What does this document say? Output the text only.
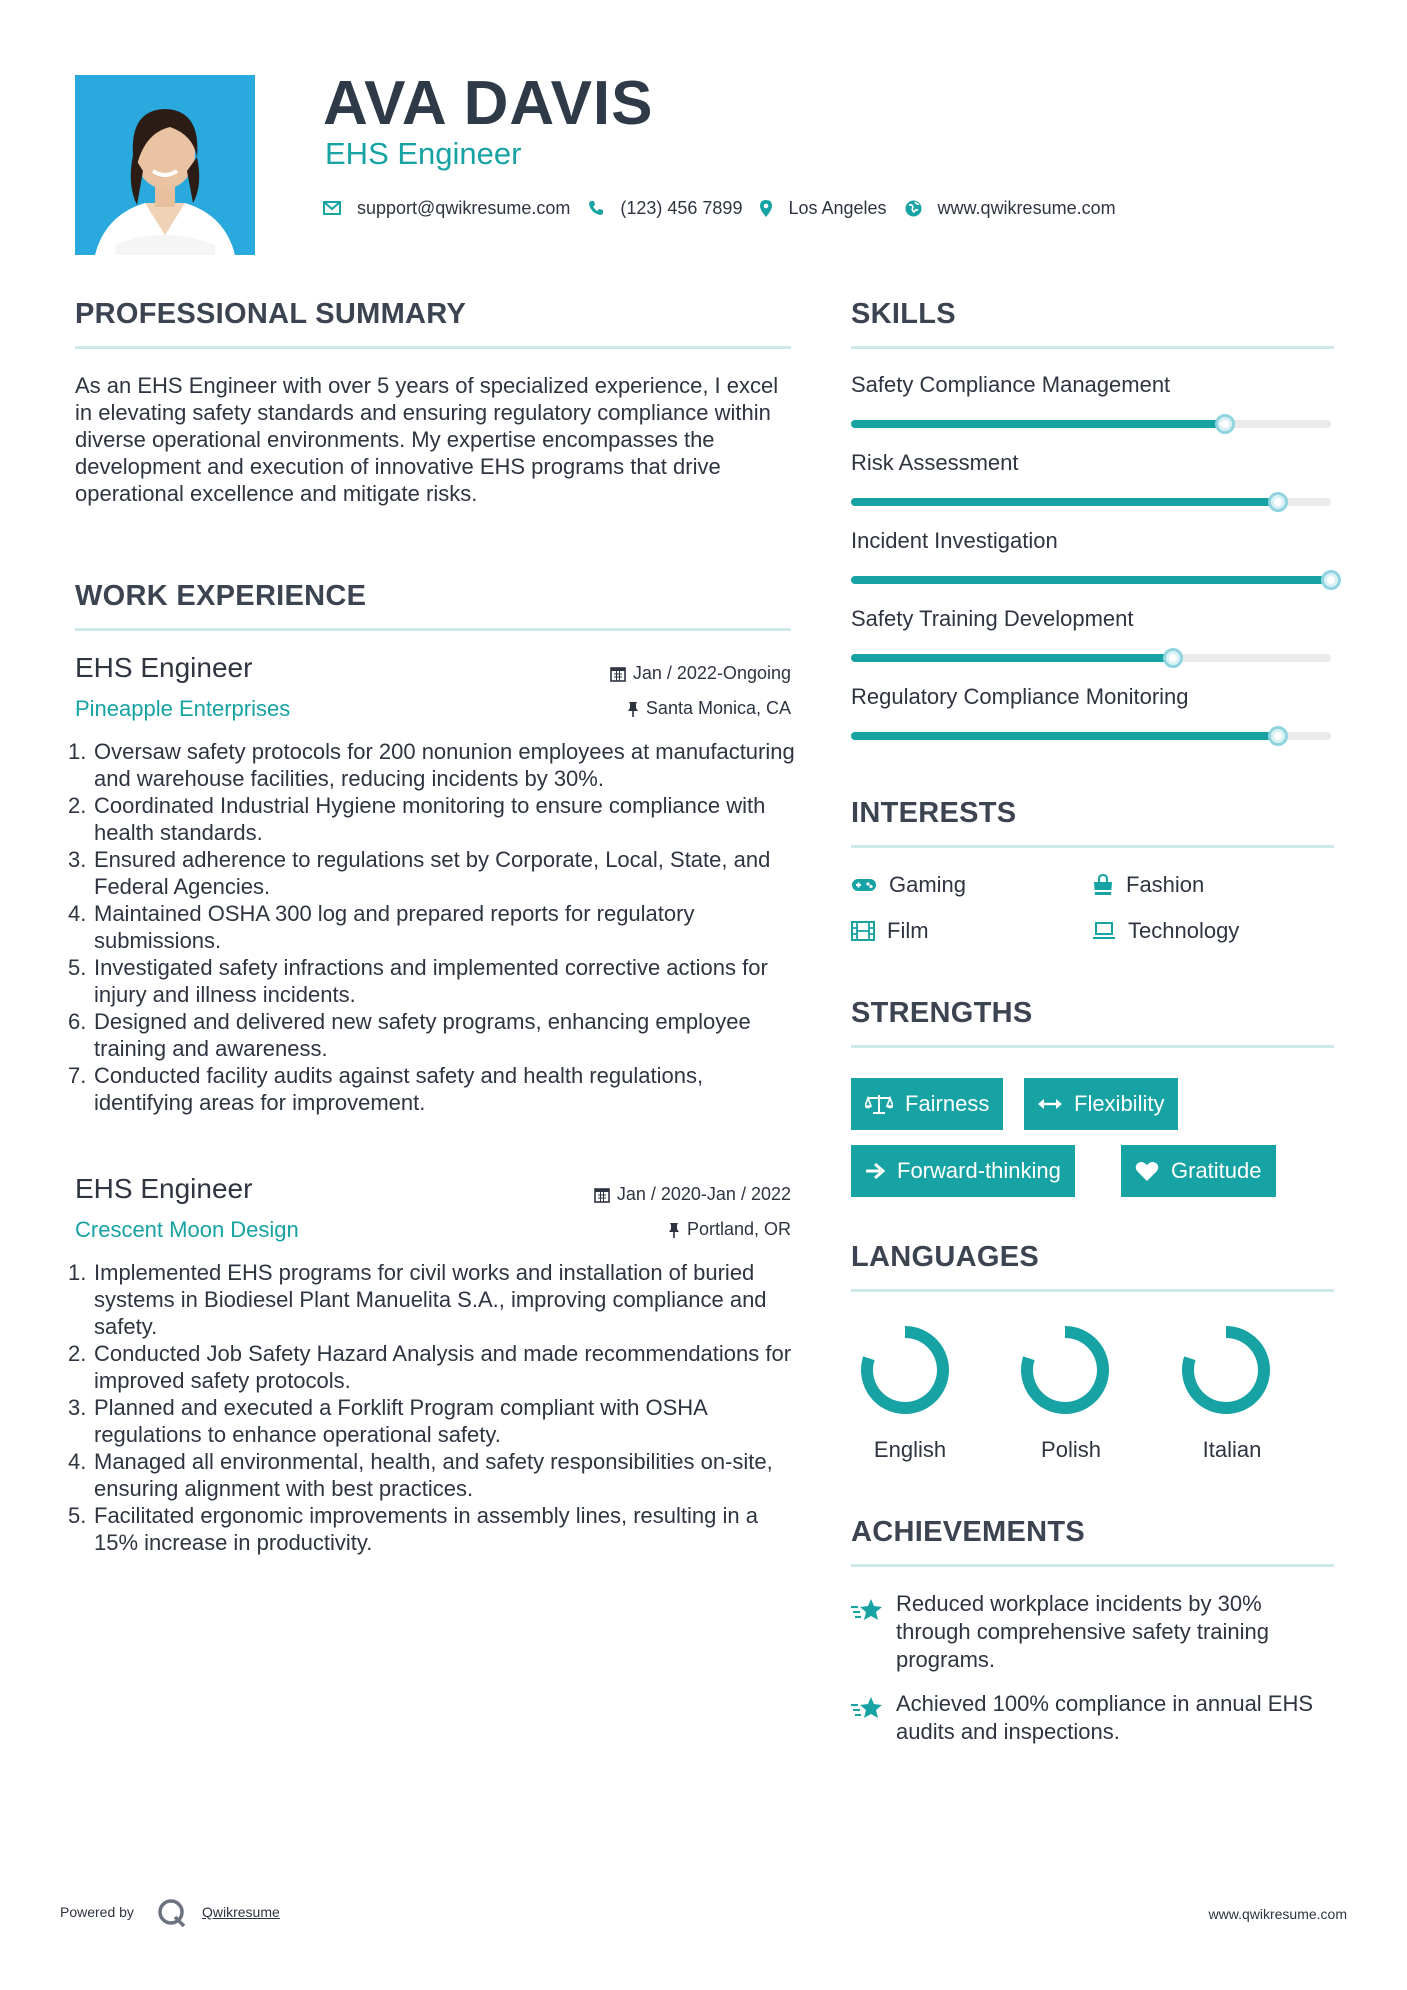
AVA DAVIS
EHS Engineer
support@qwikresume.com	(123) 456 7899	Los Angeles	www.qwikresume.com
PROFESSIONAL SUMMARY
As an EHS Engineer with over 5 years of specialized experience, I excel in elevating safety standards and ensuring regulatory compliance within diverse operational environments. My expertise encompasses the development and execution of innovative EHS programs that drive operational excellence and mitigate risks.
WORK EXPERIENCE
EHS Engineer	Jan / 2022-Ongoing
Pineapple Enterprises	Santa Monica, CA
1. Oversaw safety protocols for 200 nonunion employees at manufacturing and warehouse facilities, reducing incidents by 30%.
2. Coordinated Industrial Hygiene monitoring to ensure compliance with health standards.
3. Ensured adherence to regulations set by Corporate, Local, State, and Federal Agencies.
4. Maintained OSHA 300 log and prepared reports for regulatory submissions.
5. Investigated safety infractions and implemented corrective actions for injury and illness incidents.
6. Designed and delivered new safety programs, enhancing employee training and awareness.
7. Conducted facility audits against safety and health regulations, identifying areas for improvement.
EHS Engineer	Jan / 2020-Jan / 2022
Crescent Moon Design	Portland, OR
1. Implemented EHS programs for civil works and installation of buried systems in Biodiesel Plant Manuelita S.A., improving compliance and safety.
2. Conducted Job Safety Hazard Analysis and made recommendations for improved safety protocols.
3. Planned and executed a Forklift Program compliant with OSHA regulations to enhance operational safety.
4. Managed all environmental, health, and safety responsibilities on-site, ensuring alignment with best practices.
5. Facilitated ergonomic improvements in assembly lines, resulting in a 15% increase in productivity.
SKILLS
Safety Compliance Management
Risk Assessment
Incident Investigation
Safety Training Development
Regulatory Compliance Monitoring
INTERESTS
Gaming	Fashion
Film	Technology
STRENGTHS
Fairness	Flexibility
Forward-thinking	Gratitude
LANGUAGES
English	Polish	Italian
ACHIEVEMENTS
Reduced workplace incidents by 30% through comprehensive safety training programs.
Achieved 100% compliance in annual EHS audits and inspections.
Powered by	Qwikresume	www.qwikresume.com
